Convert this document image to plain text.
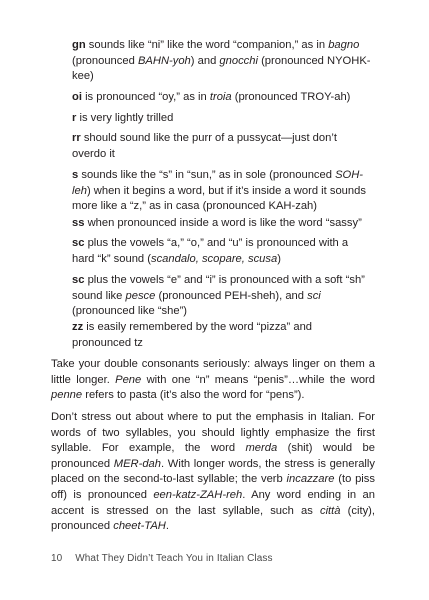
gn sounds like “ni” like the word “companion,” as in bagno (pronounced BAHN-yoh) and gnocchi (pronounced NYOHK-kee)
oi is pronounced “oy,” as in troia (pronounced TROY-ah)
r is very lightly trilled
rr should sound like the purr of a pussycat—just don’t overdo it
s sounds like the “s” in “sun,” as in sole (pronounced SOH-leh) when it begins a word, but if it’s inside a word it sounds more like a “z,” as in casa (pronounced KAH-zah)
ss when pronounced inside a word is like the word “sassy”
sc plus the vowels “a,” “o,” and “u” is pronounced with a hard “k” sound (scandalo, scopare, scusa)
sc plus the vowels “e” and “i” is pronounced with a soft “sh” sound like pesce (pronounced PEH-sheh), and sci (pronounced like “she”)
zz is easily remembered by the word “pizza” and pronounced tz
Take your double consonants seriously: always linger on them a little longer. Pene with one “n” means “penis”…while the word penne refers to pasta (it’s also the word for “pens”).
Don’t stress out about where to put the emphasis in Italian. For words of two syllables, you should lightly emphasize the first syllable. For example, the word merda (shit) would be pronounced MER-dah. With longer words, the stress is generally placed on the second-to-last syllable; the verb incazzare (to piss off) is pronounced een-katz-ZAH-reh. Any word ending in an accent is stressed on the last syllable, such as città (city), pronounced cheet-TAH.
10 What They Didn’t Teach You in Italian Class
